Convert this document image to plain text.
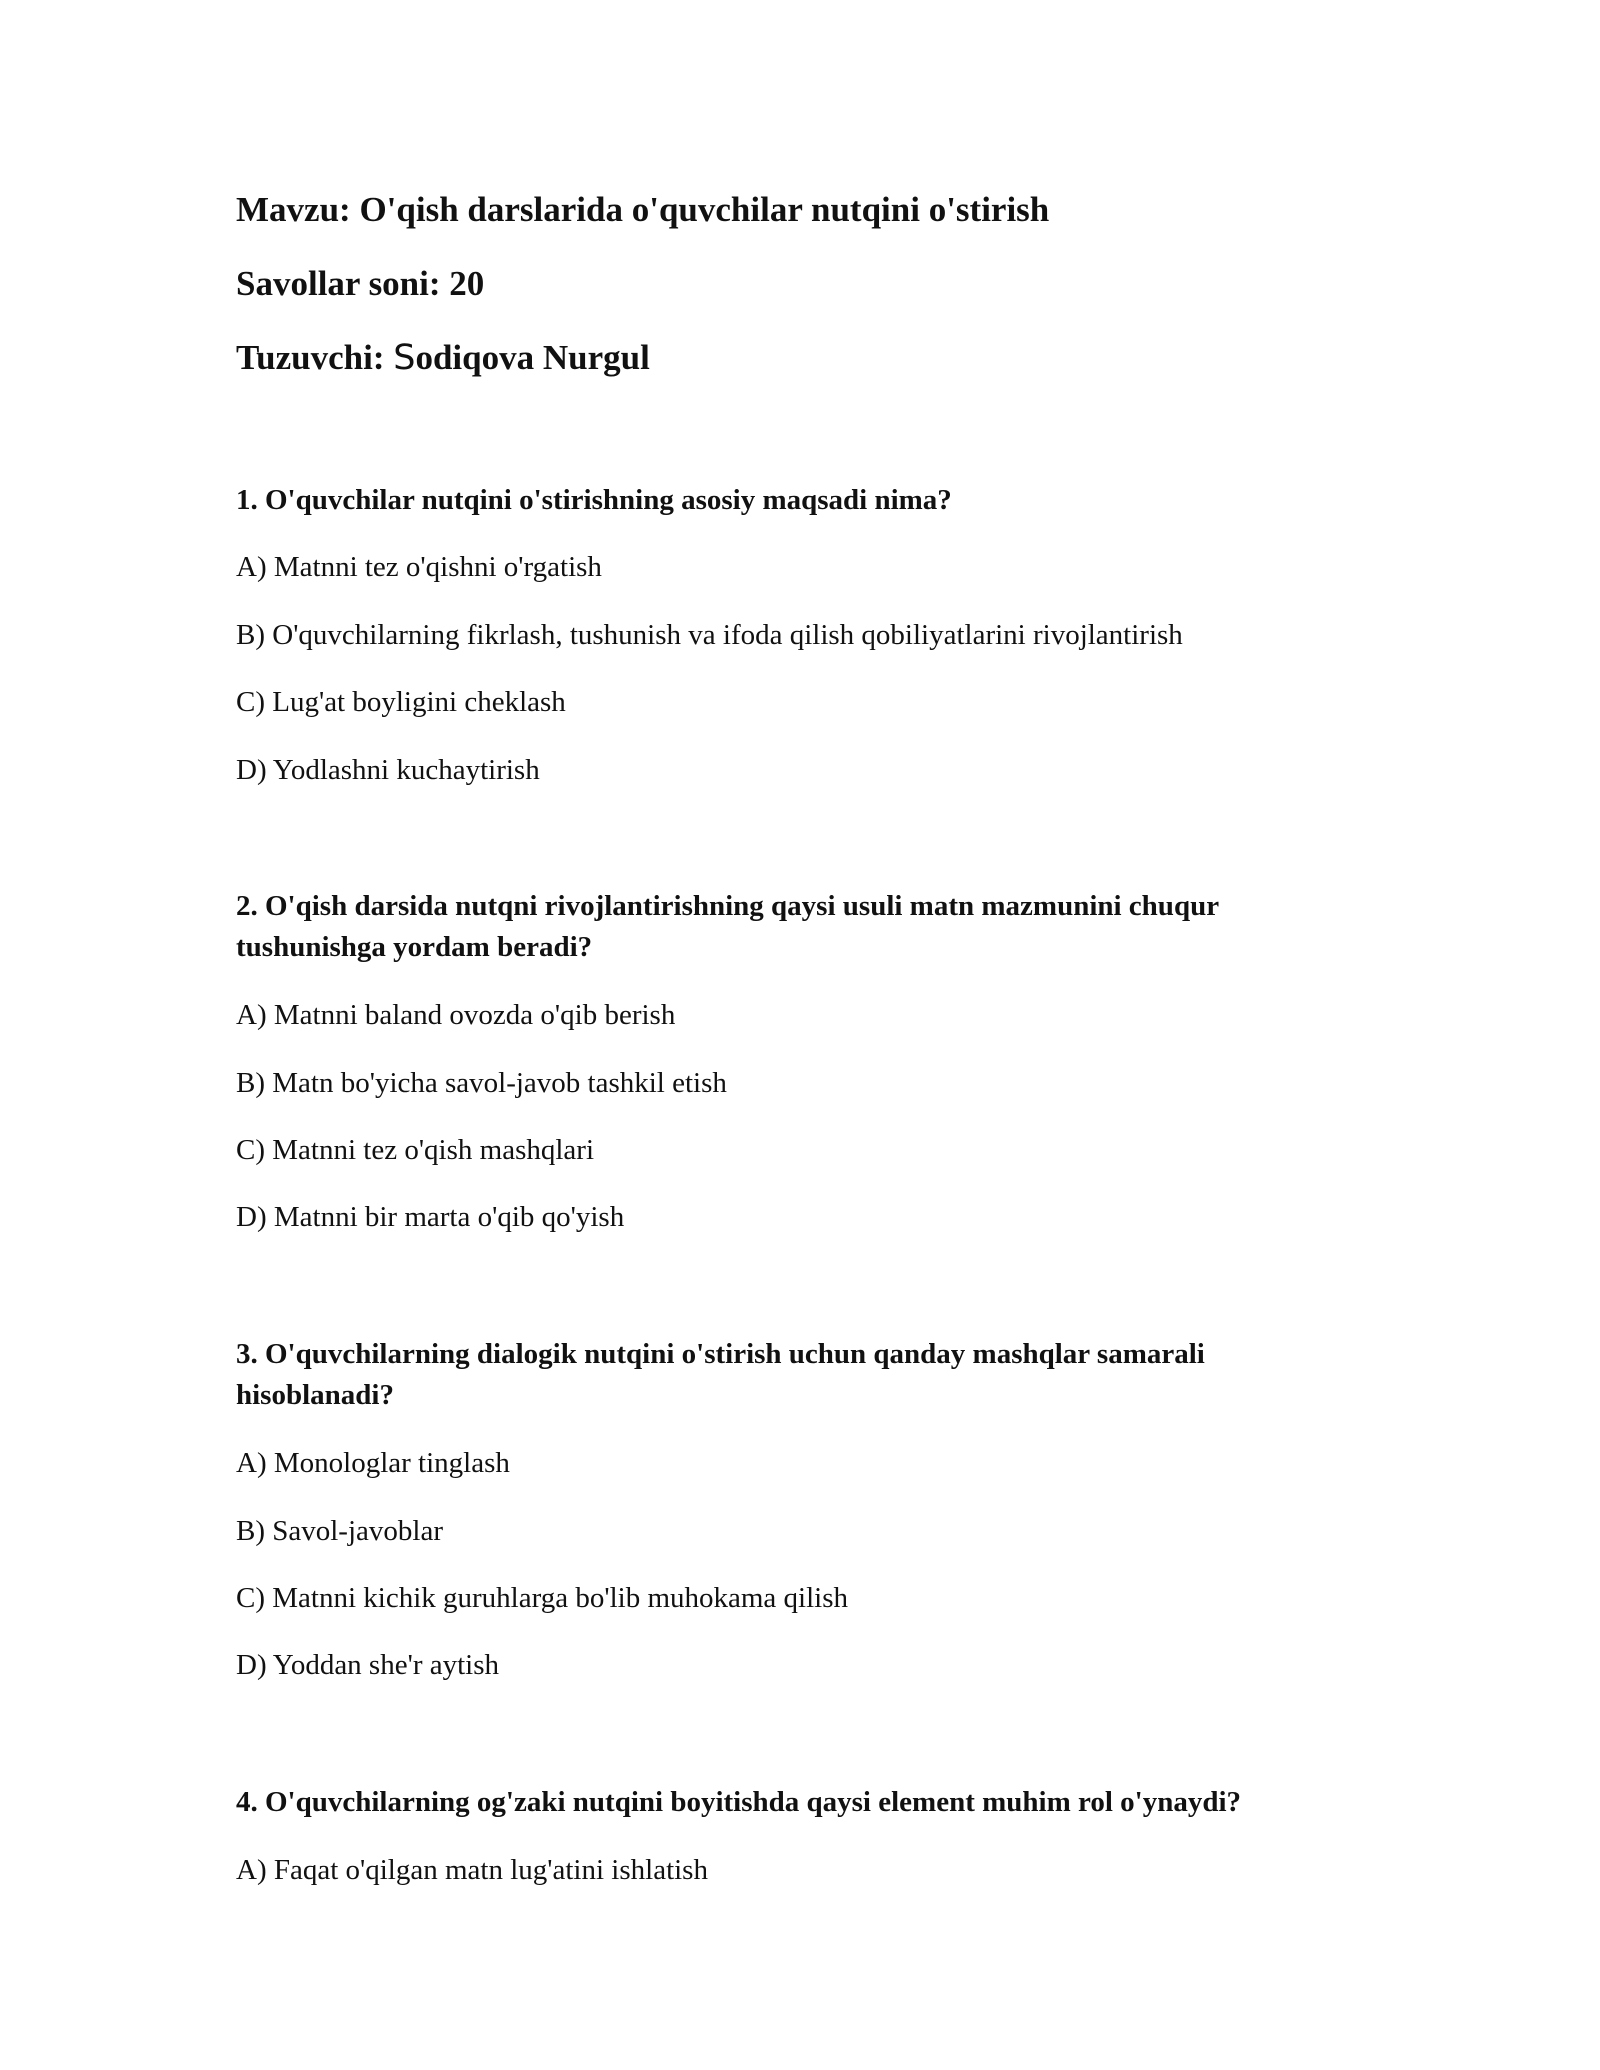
Mavzu: O'qish darslarida o'quvchilar nutqini o'stirish
Savollar soni: 20
Tuzuvchi: Sodiqova Nurgul
1. O'quvchilar nutqini o'stirishning asosiy maqsadi nima?
A) Matnni tez o'qishni o'rgatish
B) O'quvchilarning fikrlash, tushunish va ifoda qilish qobiliyatlarini rivojlantirish
C) Lug'at boyligini cheklash
D) Yodlashni kuchaytirish
2. O'qish darsida nutqni rivojlantirishning qaysi usuli matn mazmunini chuqur tushunishga yordam beradi?
A) Matnni baland ovozda o'qib berish
B) Matn bo'yicha savol-javob tashkil etish
C) Matnni tez o'qish mashqlari
D) Matnni bir marta o'qib qo'yish
3. O'quvchilarning dialogik nutqini o'stirish uchun qanday mashqlar samarali hisoblanadi?
A) Monologlar tinglash
B) Savol-javoblar
C) Matnni kichik guruhlarga bo'lib muhokama qilish
D) Yoddan she'r aytish
4. O'quvchilarning og'zaki nutqini boyitishda qaysi element muhim rol o'ynaydi?
A) Faqat o'qilgan matn lug'atini ishlatish
